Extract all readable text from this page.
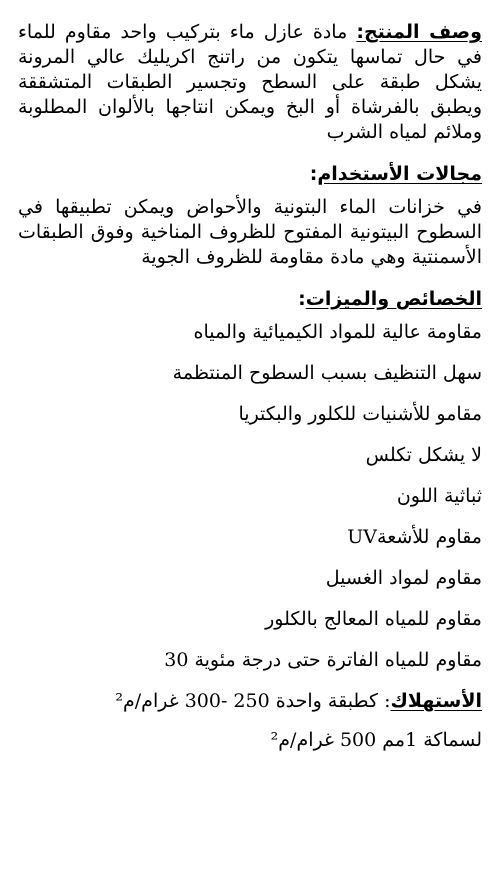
وصف المنتج: مادة عازل ماء بتركيب واحد مقاوم للماء في حال تماسها يتكون من راتنج اكريليك عالي المرونة يشكل طبقة على السطح وتجسير الطبقات المتشققة ويطبق بالفرشاة أو البخ ويمكن انتاجها بالألوان المطلوبة وملائم لمياه الشرب

مجالات الأستخدام:

في خزانات الماء البتونية والأحواض ويمكن تطبيقها في السطوح البيتونية المفتوح للظروف المناخية وفوق الطبقات الأسمنتية وهي مادة مقاومة للظروف الجوية

الخصائص والميزات:
مقاومة عالية للمواد الكيميائية والمياه
سهل التنظيف بسبب السطوح المنتظمة
مقامو للأشنيات للكلور والبكتريا
لا يشكل تكلس
ثباثية اللون
مقاوم للأشعةUV
مقاوم لمواد الغسيل
مقاوم للمياه المعالج بالكلور
مقاوم للمياه الفاترة حتى درجة مئوية 30

الأستهلاك: كطبقة واحدة 250 -300 غرام/م²

لسماكة 1مم 500 غرام/م²
